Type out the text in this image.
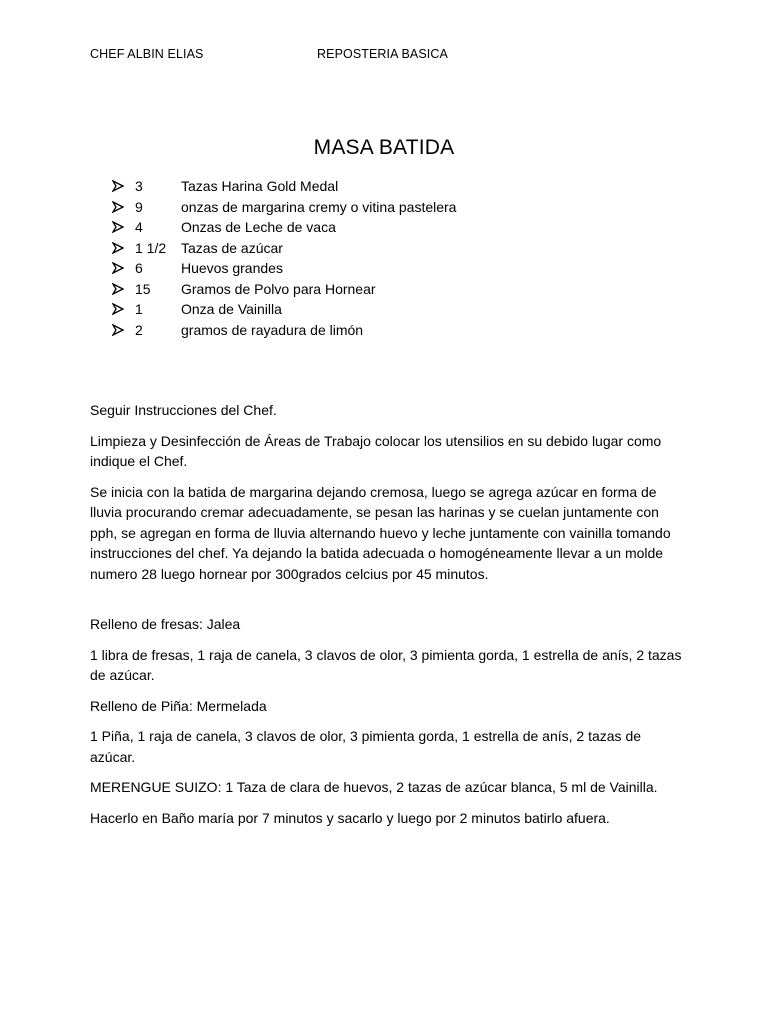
CHEF ALBIN ELIAS	REPOSTERIA BASICA
MASA BATIDA
3	Tazas Harina Gold Medal
9	onzas de margarina cremy o vitina pastelera
4	Onzas de Leche de vaca
1 1/2 Tazas de azúcar
6	Huevos grandes
15 Gramos de Polvo para Hornear
1	Onza de Vainilla
2	gramos de rayadura de limón

Seguir Instrucciones del Chef.

Limpieza y Desinfección de Áreas de Trabajo colocar los utensilios en su debido lugar como indique el Chef.

Se inicia con la batida de margarina dejando cremosa, luego se agrega azúcar en forma de lluvia procurando cremar adecuadamente, se pesan las harinas y se cuelan juntamente con pph, se agregan en forma de lluvia alternando huevo y leche juntamente con vainilla tomando instrucciones del chef. Ya dejando la batida adecuada o homogéneamente llevar a un molde numero 28 luego hornear por 300grados celcius por 45 minutos.

Relleno de fresas: Jalea

1 libra de fresas, 1 raja de canela, 3 clavos de olor, 3 pimienta gorda, 1 estrella de anís, 2 tazas de azúcar.

Relleno de Piña: Mermelada

1 Piña, 1 raja de canela, 3 clavos de olor, 3 pimienta gorda, 1 estrella de anís, 2 tazas de azúcar.

MERENGUE SUIZO: 1 Taza de clara de huevos, 2 tazas de azúcar blanca, 5 ml de Vainilla.

Hacerlo en Baño maría por 7 minutos y sacarlo y luego por 2 minutos batirlo afuera.
